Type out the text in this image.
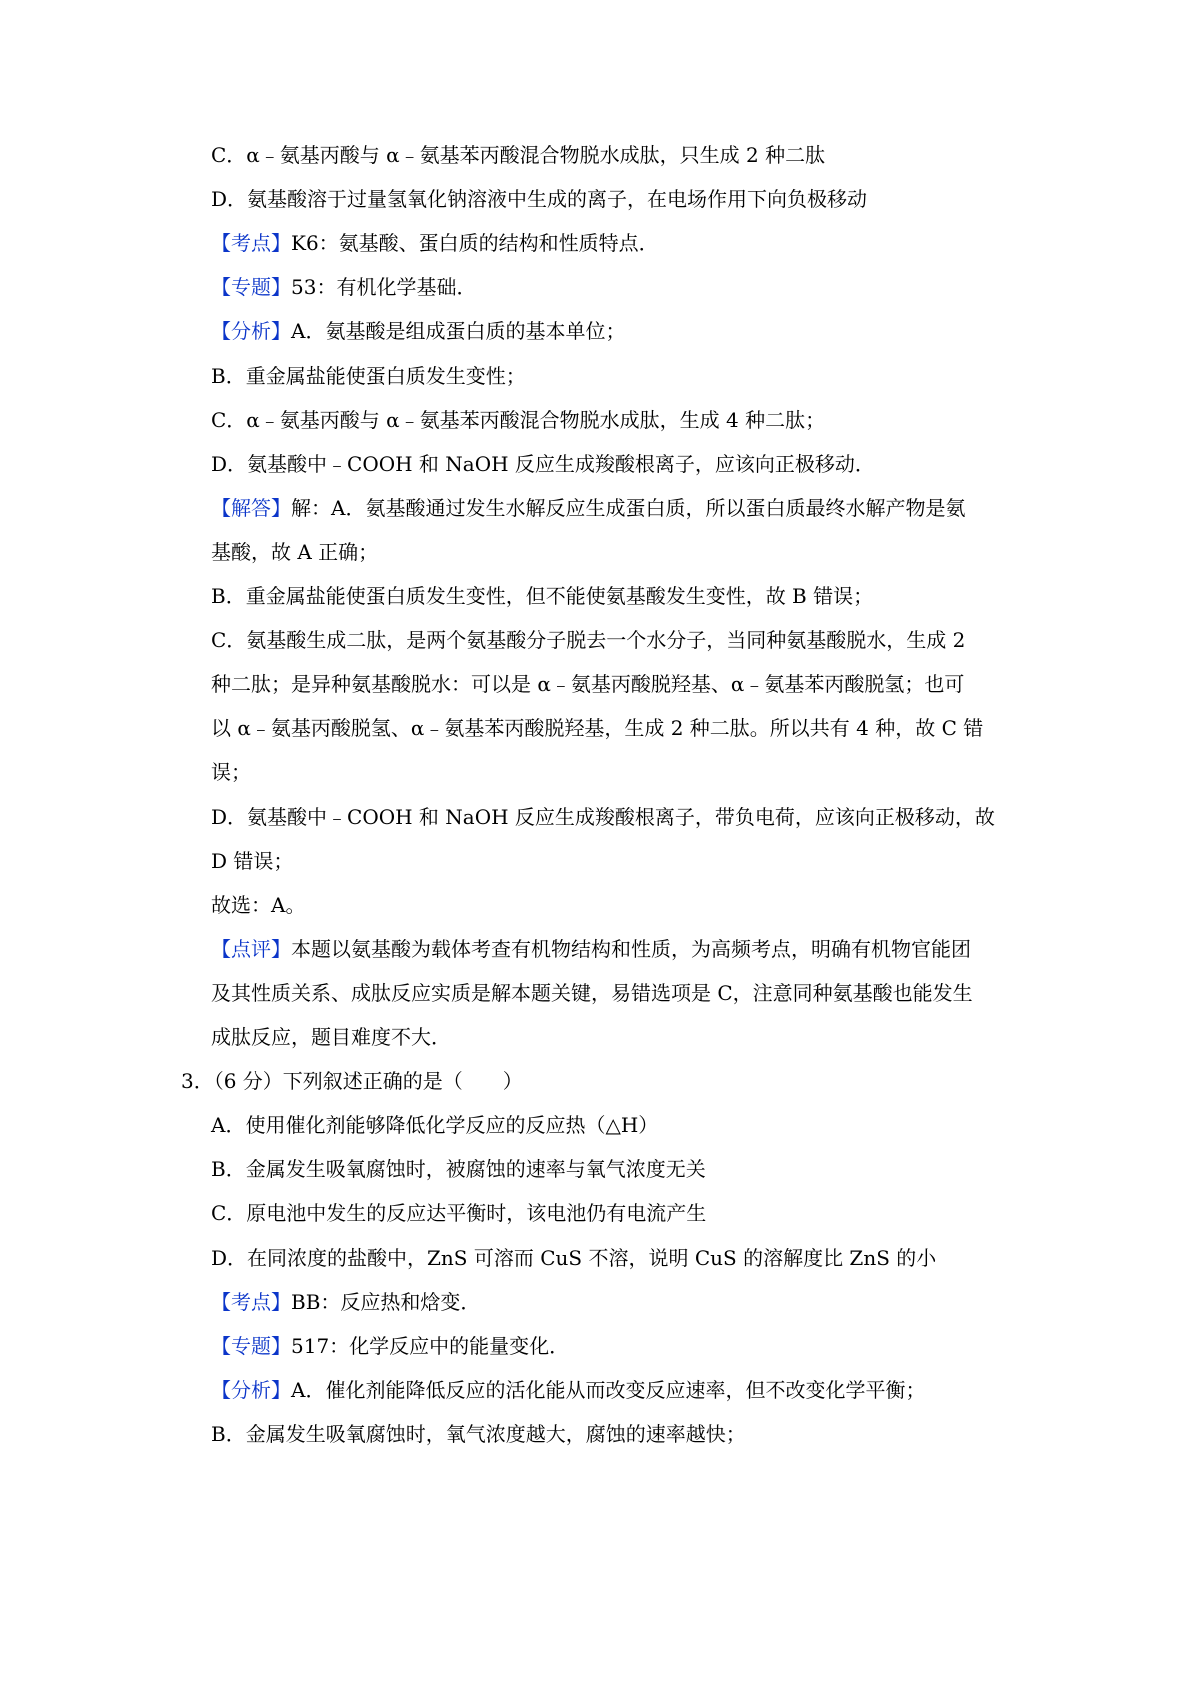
C．α﹣氨基丙酸与 α﹣氨基苯丙酸混合物脱水成肽，只生成 2 种二肽
D．氨基酸溶于过量氢氧化钠溶液中生成的离子，在电场作用下向负极移动
【考点】K6：氨基酸、蛋白质的结构和性质特点．
【专题】53：有机化学基础．
【分析】A．氨基酸是组成蛋白质的基本单位；
B．重金属盐能使蛋白质发生变性；
C．α﹣氨基丙酸与 α﹣氨基苯丙酸混合物脱水成肽，生成 4 种二肽；
D．氨基酸中﹣COOH 和 NaOH 反应生成羧酸根离子，应该向正极移动．
【解答】解：A．氨基酸通过发生水解反应生成蛋白质，所以蛋白质最终水解产物是氨
基酸，故 A 正确；
B．重金属盐能使蛋白质发生变性，但不能使氨基酸发生变性，故 B 错误；
C．氨基酸生成二肽，是两个氨基酸分子脱去一个水分子，当同种氨基酸脱水，生成 2
种二肽；是异种氨基酸脱水：可以是 α﹣氨基丙酸脱羟基、α﹣氨基苯丙酸脱氢；也可
以 α﹣氨基丙酸脱氢、α﹣氨基苯丙酸脱羟基，生成 2 种二肽。所以共有 4 种，故 C 错
误；
D．氨基酸中﹣COOH 和 NaOH 反应生成羧酸根离子，带负电荷，应该向正极移动，故
D 错误；
故选：A。
【点评】本题以氨基酸为载体考查有机物结构和性质，为高频考点，明确有机物官能团
及其性质关系、成肽反应实质是解本题关键，易错选项是 C，注意同种氨基酸也能发生
成肽反应，题目难度不大．
3．（6 分）下列叙述正确的是（　　）
A．使用催化剂能够降低化学反应的反应热（△H）
B．金属发生吸氧腐蚀时，被腐蚀的速率与氧气浓度无关
C．原电池中发生的反应达平衡时，该电池仍有电流产生
D．在同浓度的盐酸中，ZnS 可溶而 CuS 不溶，说明 CuS 的溶解度比 ZnS 的小
【考点】BB：反应热和焓变．
【专题】517：化学反应中的能量变化．
【分析】A．催化剂能降低反应的活化能从而改变反应速率，但不改变化学平衡；
B．金属发生吸氧腐蚀时，氧气浓度越大，腐蚀的速率越快；
